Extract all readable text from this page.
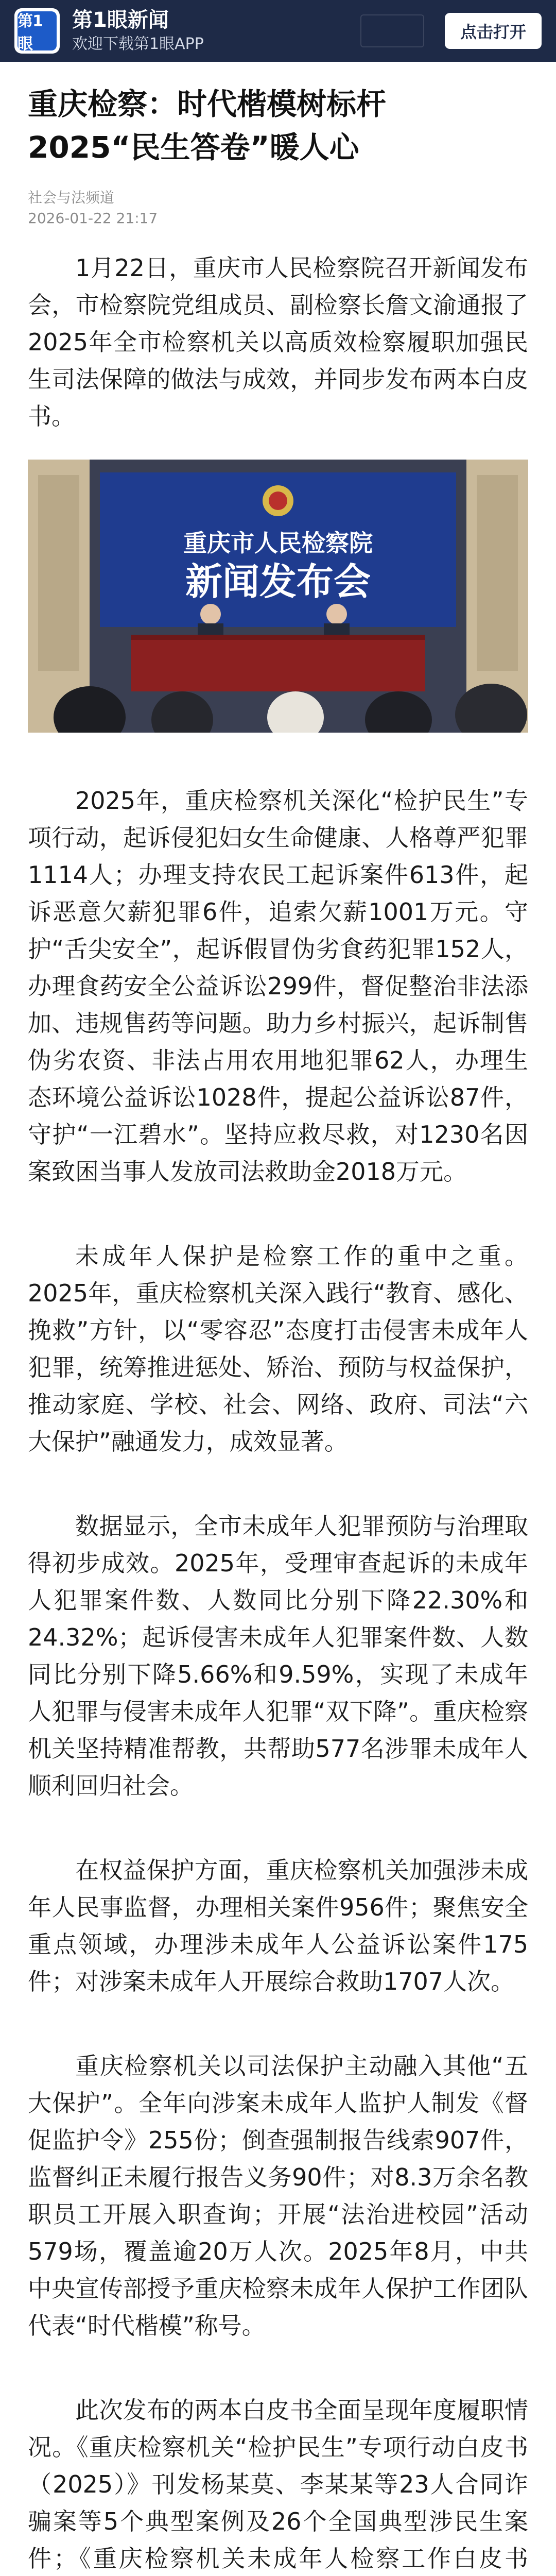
第1眼
第1眼新闻
欢迎下载第1眼APP
点击打开
重庆检察：时代楷模树标杆 2025“民生答卷”暖人心
社会与法频道
2026-01-22 21:17

1月22日，重庆市人民检察院召开新闻发布会，市检察院党组成员、副检察长詹文渝通报了2025年全市检察机关以高质效检察履职加强民生司法保障的做法与成效，并同步发布两本白皮书。

重庆市人民检察院
新闻发布会

2025年，重庆检察机关深化“检护民生”专项行动，起诉侵犯妇女生命健康、人格尊严犯罪1114人；办理支持农民工起诉案件613件，起诉恶意欠薪犯罪6件，追索欠薪1001万元。守护“舌尖安全”，起诉假冒伪劣食药犯罪152人，办理食药安全公益诉讼299件，督促整治非法添加、违规售药等问题。助力乡村振兴，起诉制售伪劣农资、非法占用农用地犯罪62人，办理生态环境公益诉讼1028件，提起公益诉讼87件，守护“一江碧水”。坚持应救尽救，对1230名因案致困当事人发放司法救助金2018万元。

未成年人保护是检察工作的重中之重。2025年，重庆检察机关深入践行“教育、感化、挽救”方针，以“零容忍”态度打击侵害未成年人犯罪，统筹推进惩处、矫治、预防与权益保护，推动家庭、学校、社会、网络、政府、司法“六大保护”融通发力，成效显著。

数据显示，全市未成年人犯罪预防与治理取得初步成效。2025年，受理审查起诉的未成年人犯罪案件数、人数同比分别下降22.30%和24.32%；起诉侵害未成年人犯罪案件数、人数同比分别下降5.66%和9.59%，实现了未成年人犯罪与侵害未成年人犯罪“双下降”。重庆检察机关坚持精准帮教，共帮助577名涉罪未成年人顺利回归社会。

在权益保护方面，重庆检察机关加强涉未成年人民事监督，办理相关案件956件；聚焦安全重点领域，办理涉未成年人公益诉讼案件175件；对涉案未成年人开展综合救助1707人次。

重庆检察机关以司法保护主动融入其他“五大保护”。全年向涉案未成年人监护人制发《督促监护令》255份；倒查强制报告线索907件，监督纠正未履行报告义务90件；对8.3万余名教职员工开展入职查询；开展“法治进校园”活动579场，覆盖逾20万人次。2025年8月，中共中央宣传部授予重庆检察未成年人保护工作团队代表“时代楷模”称号。

此次发布的两本白皮书全面呈现年度履职情况。《重庆检察机关“检护民生”专项行动白皮书（2025）》刊发杨某莫、李某某等23人合同诈骗案等5个典型案例及26个全国典型涉民生案件；《重庆检察机关未成年人检察工作白皮书
